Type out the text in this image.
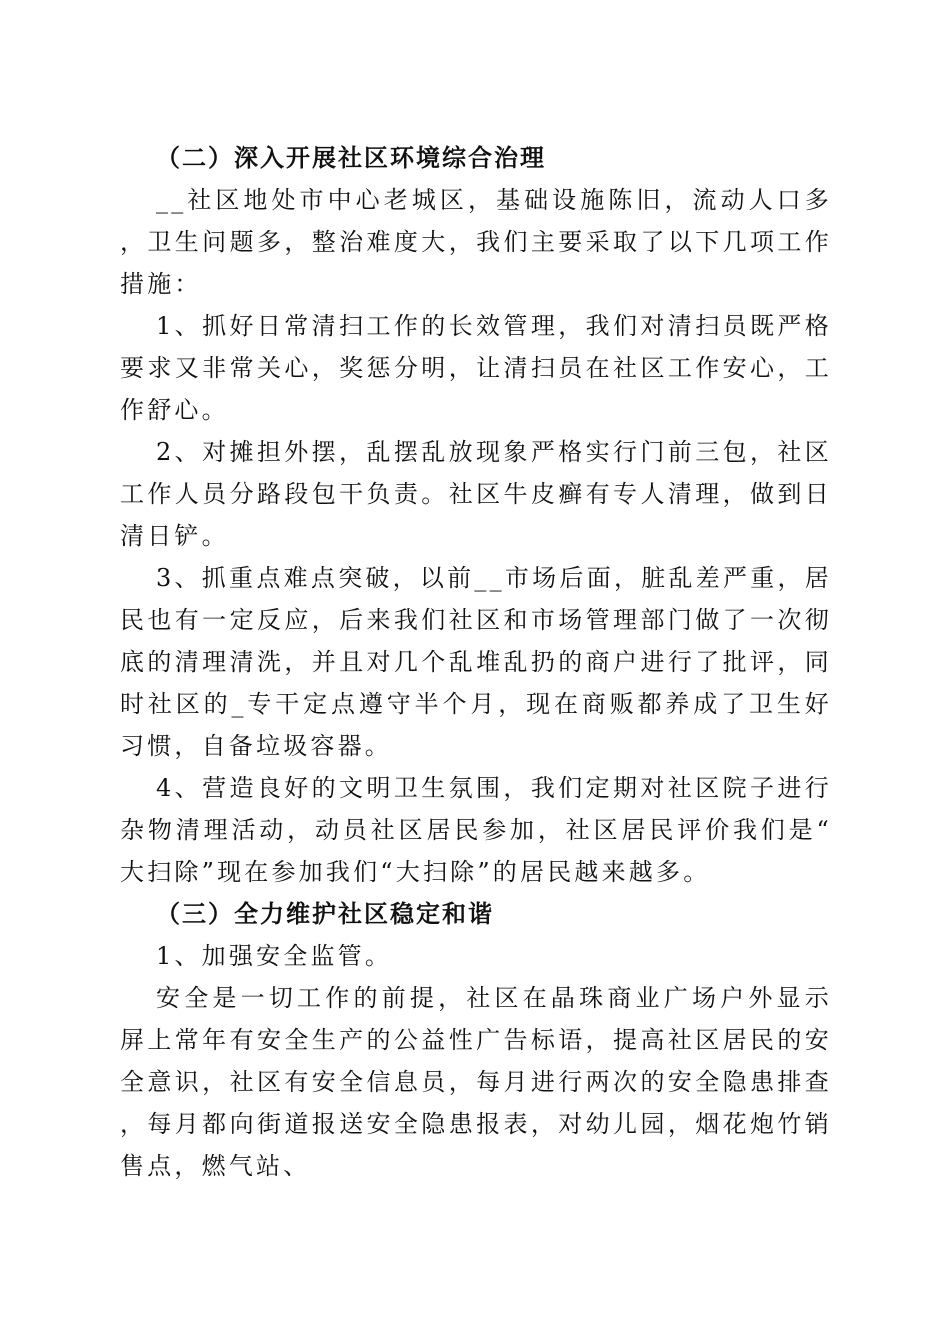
（二）深入开展社区环境综合治理

__社区地处市中心老城区，基础设施陈旧，流动人口多，卫生问题多，整治难度大，我们主要采取了以下几项工作措施：

1、抓好日常清扫工作的长效管理，我们对清扫员既严格要求又非常关心，奖惩分明，让清扫员在社区工作安心，工作舒心。

2、对摊担外摆，乱摆乱放现象严格实行门前三包，社区工作人员分路段包干负责。社区牛皮癣有专人清理，做到日清日铲。

3、抓重点难点突破，以前__市场后面，脏乱差严重，居民也有一定反应，后来我们社区和市场管理部门做了一次彻底的清理清洗，并且对几个乱堆乱扔的商户进行了批评，同时社区的_专干定点遵守半个月，现在商贩都养成了卫生好习惯，自备垃圾容器。

4、营造良好的文明卫生氛围，我们定期对社区院子进行杂物清理活动，动员社区居民参加，社区居民评价我们是“大扫除”现在参加我们“大扫除”的居民越来越多。

（三）全力维护社区稳定和谐

1、加强安全监管。

安全是一切工作的前提，社区在晶珠商业广场户外显示屏上常年有安全生产的公益性广告标语，提高社区居民的安全意识，社区有安全信息员，每月进行两次的安全隐患排查，每月都向街道报送安全隐患报表，对幼儿园，烟花炮竹销售点，燃气站、
